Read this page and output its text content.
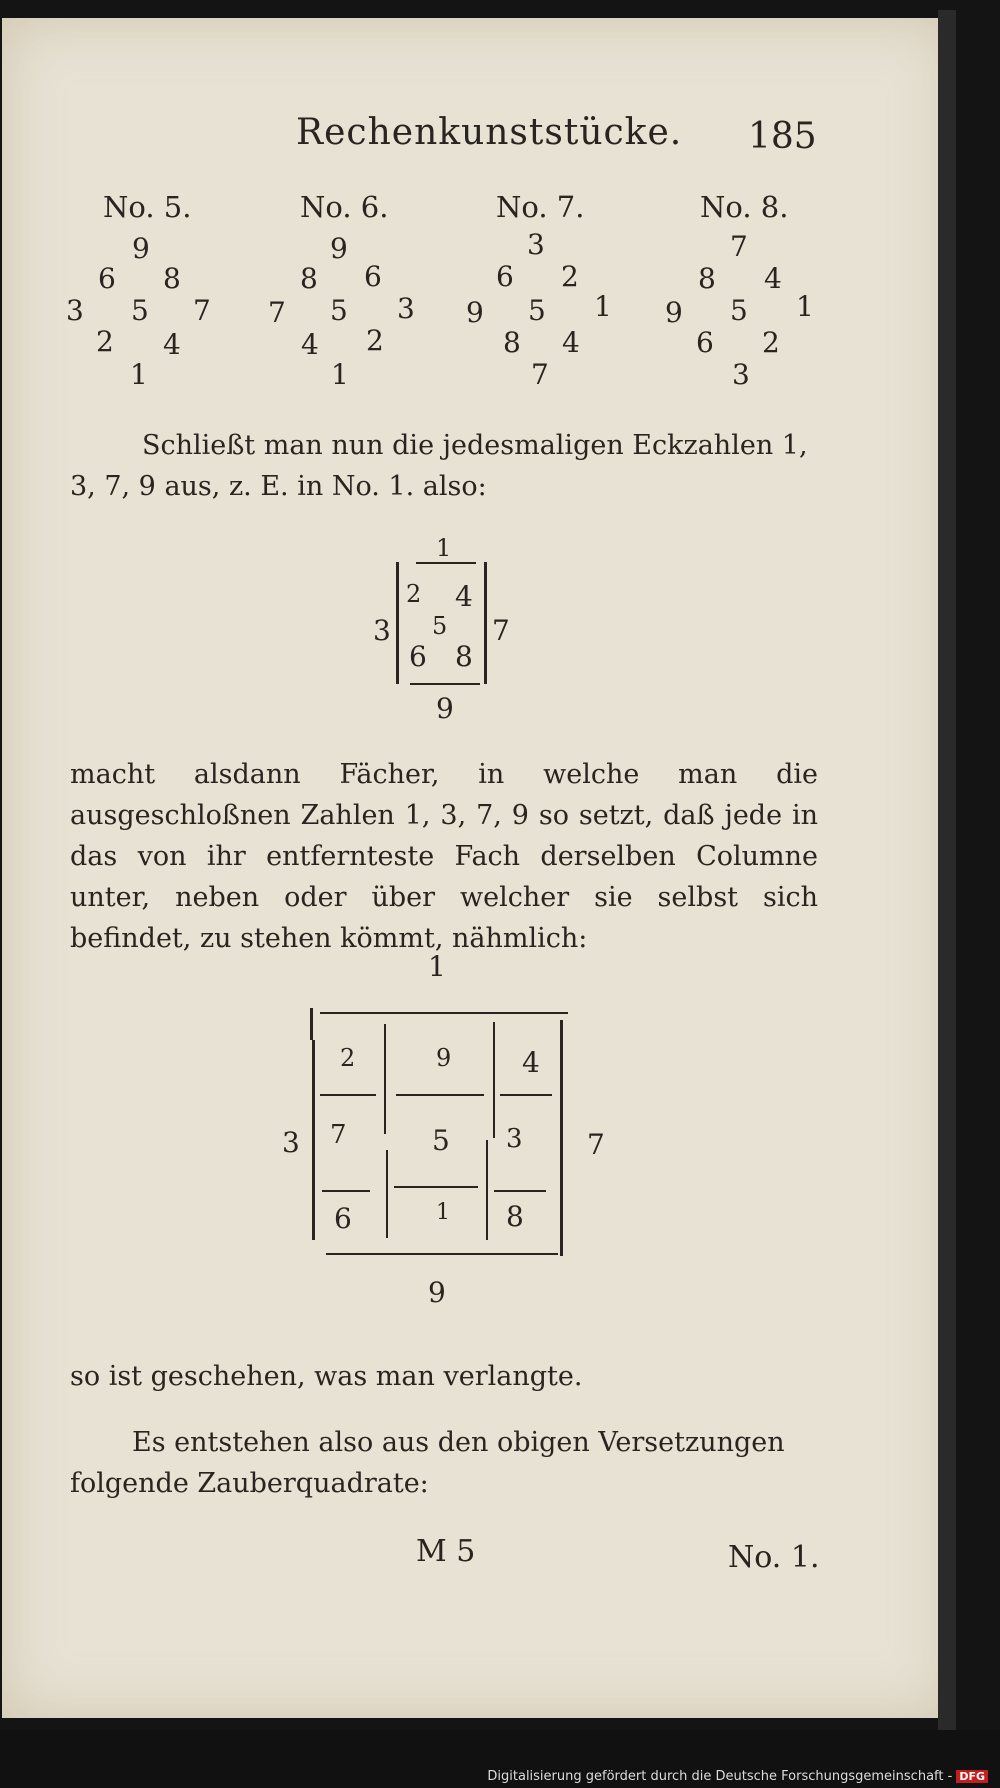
Rechenkunststücke. 185
No. 5.
9
6 8
3 5 7
2 4
1
No. 6.
9
8 6
7 5 3
4 2
1
No. 7.
3
6 2
9 5 1
8 4
7
No. 8.
7
8 4
9 5 1
6 2
3
Schließt man nun die jedesmaligen Eckzahlen 1, 3, 7, 9 aus, z. E. in No. 1. also:
1
3	7
2 4
5
6 8
9
macht alsdann Fächer, in welche man die ausgeschloßnen Zahlen 1, 3, 7, 9 so setzt, daß jede in das von ihr entfernteste Fach derselben Columne unter, neben oder über welcher sie selbst sich befindet, zu stehen kömmt, nähmlich:
1
3	7
2	9	4
7	5 3
6	1 8
9
so ist geschehen, was man verlangte.
Es entstehen also aus den obigen Versetzungen folgende Zauberquadrate:
M 5	No. 1.
Digitalisierung gefördert durch die Deutsche Forschungsgemeinschaft - DFG
